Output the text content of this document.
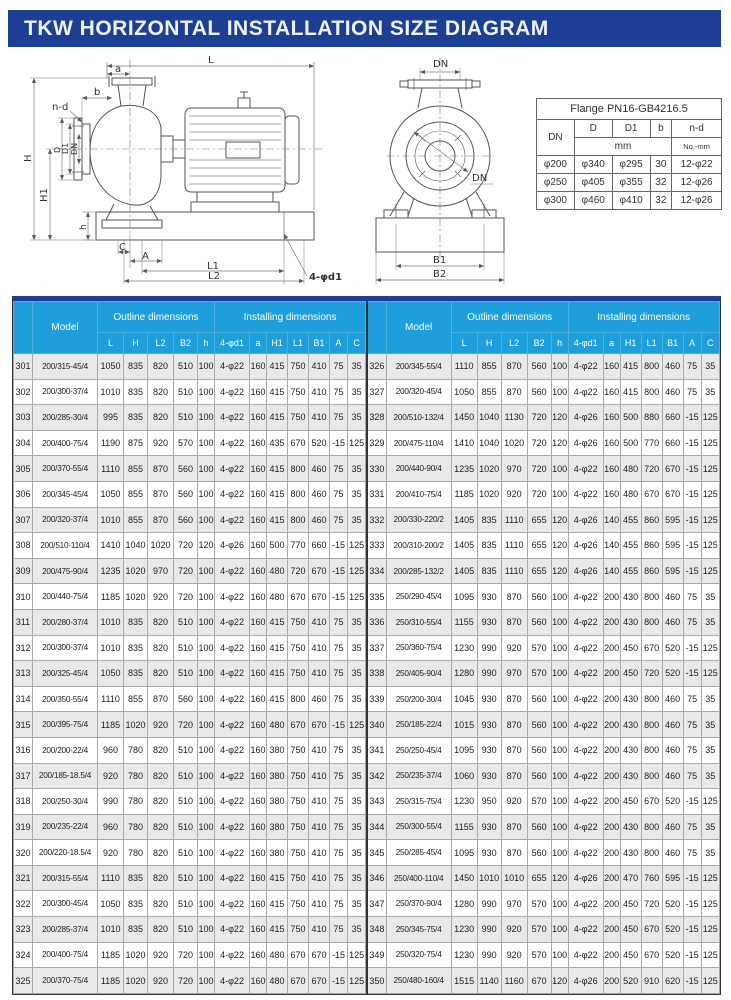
TKW HORIZONTAL INSTALLATION SIZE DIAGRAM
L
a
b
n-d
H
H1
D D1 DN
h
C
A
L1
L2	4-φd1
DN
DN
B1
B2
Flange PN16-GB4216.5				
DN	D	D1	b	n-d
	mm			No.-mm
φ200	φ340	φ295	30	12-φ22
φ250	φ405	φ355	32	12-φ26
φ300	φ460	φ410	32	12-φ26
	Model	Outline dimensions					Installing dimensions						
		L	H	L2	B2	h	4-φd1	a	H1	L1	B1	A	C
301	200/315-45/4	1050	835	820	510	100	4-φ22	160	415	750	410	75	35
302	200/300-37/4	1010	835	820	510	100	4-φ22	160	415	750	410	75	35
303	200/285-30/4	995	835	820	510	100	4-φ22	160	415	750	410	75	35
304	200/400-75/4	1190	875	920	570	100	4-φ22	160	435	670	520	-15	125
305	200/370-55/4	1110	855	870	560	100	4-φ22	160	415	800	460	75	35
306	200/345-45/4	1050	855	870	560	100	4-φ22	160	415	800	460	75	35
307	200/320-37/4	1010	855	870	560	100	4-φ22	160	415	800	460	75	35
308	200/510-110/4	1410	1040	1020	720	120	4-φ26	160	500	770	660	-15	125
309	200/475-90/4	1235	1020	970	720	100	4-φ22	160	480	720	670	-15	125
310	200/440-75/4	1185	1020	920	720	100	4-φ22	160	480	670	670	-15	125
311	200/280-37/4	1010	835	820	510	100	4-φ22	160	415	750	410	75	35
312	200/300-37/4	1010	835	820	510	100	4-φ22	160	415	750	410	75	35
313	200/325-45/4	1050	835	820	510	100	4-φ22	160	415	750	410	75	35
314	200/350-55/4	1110	855	870	560	100	4-φ22	160	415	800	460	75	35
315	200/395-75/4	1185	1020	920	720	100	4-φ22	160	480	670	670	-15	125
316	200/200-22/4	960	780	820	510	100	4-φ22	160	380	750	410	75	35
317	200/185-18.5/4	920	780	820	510	100	4-φ22	160	380	750	410	75	35
318	200/250-30/4	990	780	820	510	100	4-φ22	160	380	750	410	75	35
319	200/235-22/4	960	780	820	510	100	4-φ22	160	380	750	410	75	35
320	200/220-18.5/4	920	780	820	510	100	4-φ22	160	380	750	410	75	35
321	200/315-55/4	1110	835	820	510	100	4-φ22	160	415	750	410	75	35
322	200/300-45/4	1050	835	820	510	100	4-φ22	160	415	750	410	75	35
323	200/285-37/4	1010	835	820	510	100	4-φ22	160	415	750	410	75	35
324	200/400-75/4	1185	1020	920	720	100	4-φ22	160	480	670	670	-15	125
325	200/370-75/4	1185	1020	920	720	100	4-φ22	160	480	670	670	-15	125
	Model	Outline dimensions					Installing dimensions						
		L	H	L2	B2	h	4-φd1	a	H1	L1	B1	A	C
326	200/345-55/4	1110	855	870	560	100	4-φ22	160	415	800	460	75	35
327	200/320-45/4	1050	855	870	560	100	4-φ22	160	415	800	460	75	35
328	200/510-132/4	1450	1040	1130	720	120	4-φ26	160	500	880	660	-15	125
329	200/475-110/4	1410	1040	1020	720	120	4-φ26	160	500	770	660	-15	125
330	200/440-90/4	1235	1020	970	720	100	4-φ22	160	480	720	670	-15	125
331	200/410-75/4	1185	1020	920	720	100	4-φ22	160	480	670	670	-15	125
332	200/330-220/2	1405	835	1110	655	120	4-φ26	140	455	860	595	-15	125
333	200/310-200/2	1405	835	1110	655	120	4-φ26	140	455	860	595	-15	125
334	200/285-132/2	1405	835	1110	655	120	4-φ26	140	455	860	595	-15	125
335	250/290-45/4	1095	930	870	560	100	4-φ22	200	430	800	460	75	35
336	250/310-55/4	1155	930	870	560	100	4-φ22	200	430	800	460	75	35
337	250/360-75/4	1230	990	920	570	100	4-φ22	200	450	670	520	-15	125
338	250/405-90/4	1280	990	970	570	100	4-φ22	200	450	720	520	-15	125
339	250/200-30/4	1045	930	870	560	100	4-φ22	200	430	800	460	75	35
340	250/185-22/4	1015	930	870	560	100	4-φ22	200	430	800	460	75	35
341	250/250-45/4	1095	930	870	560	100	4-φ22	200	430	800	460	75	35
342	250/235-37/4	1060	930	870	560	100	4-φ22	200	430	800	460	75	35
343	250/315-75/4	1230	950	920	570	100	4-φ22	200	450	670	520	-15	125
344	250/300-55/4	1155	930	870	560	100	4-φ22	200	430	800	460	75	35
345	250/285-45/4	1095	930	870	560	100	4-φ22	200	430	800	460	75	35
346	250/400-110/4	1450	1010	1010	655	120	4-φ26	200	470	760	595	-15	125
347	250/370-90/4	1280	990	970	570	100	4-φ22	200	450	720	520	-15	125
348	250/345-75/4	1230	990	920	570	100	4-φ22	200	450	670	520	-15	125
349	250/320-75/4	1230	990	920	570	100	4-φ22	200	450	670	520	-15	125
350	250/480-160/4	1515	1140	1160	670	120	4-φ26	200	520	910	620	-15	125
